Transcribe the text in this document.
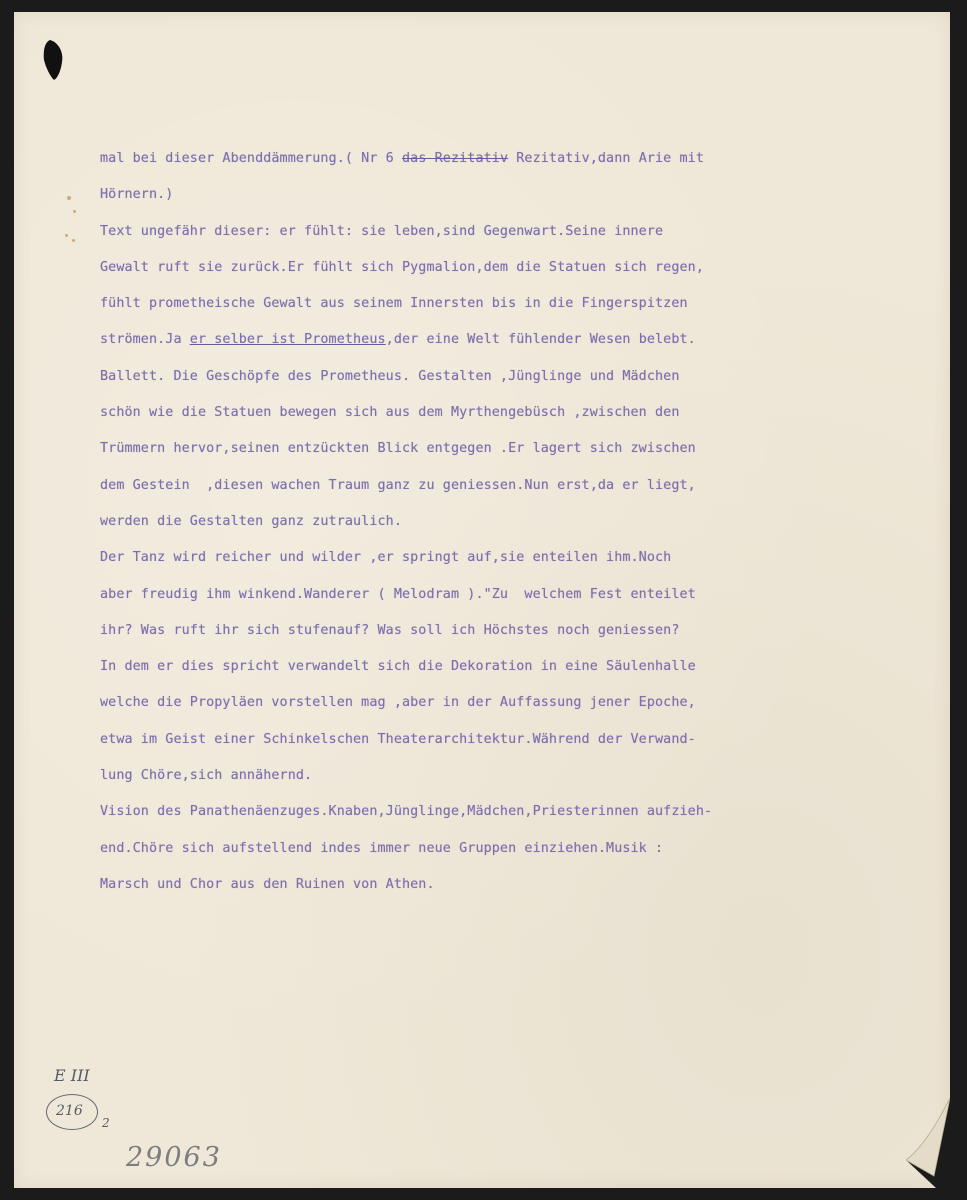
mal bei dieser Abenddämmerung.( Nr 6 das Rezitativ Rezitativ,dann Arie mit
Hörnern.)
Text ungefähr dieser: er fühlt: sie leben,sind Gegenwart.Seine innere
Gewalt ruft sie zurück.Er fühlt sich Pygmalion,dem die Statuen sich regen,
fühlt prometheische Gewalt aus seinem Innersten bis in die Fingerspitzen
strömen.Ja er selber ist Prometheus,der eine Welt fühlender Wesen belebt.
Ballett. Die Geschöpfe des Prometheus. Gestalten ,Jünglinge und Mädchen
schön wie die Statuen bewegen sich aus dem Myrthengebüsch ,zwischen den
Trümmern hervor,seinen entzückten Blick entgegen .Er lagert sich zwischen
dem Gestein  ,diesen wachen Traum ganz zu geniessen.Nun erst,da er liegt,
werden die Gestalten ganz zutraulich.
Der Tanz wird reicher und wilder ,er springt auf,sie enteilen ihm.Noch
aber freudig ihm winkend.Wanderer ( Melodram )."Zu  welchem Fest enteilet
ihr? Was ruft ihr sich stufenauf? Was soll ich Höchstes noch geniessen?
In dem er dies spricht verwandelt sich die Dekoration in eine Säulenhalle
welche die Propyläen vorstellen mag ,aber in der Auffassung jener Epoche,
etwa im Geist einer Schinkelschen Theaterarchitektur.Während der Verwand-
lung Chöre,sich annähernd.
Vision des Panathenäenzuges.Knaben,Jünglinge,Mädchen,Priesterinnen aufzieh-
end.Chöre sich aufstellend indes immer neue Gruppen einziehen.Musik :
Marsch und Chor aus den Ruinen von Athen.
E III
216
2
29063
